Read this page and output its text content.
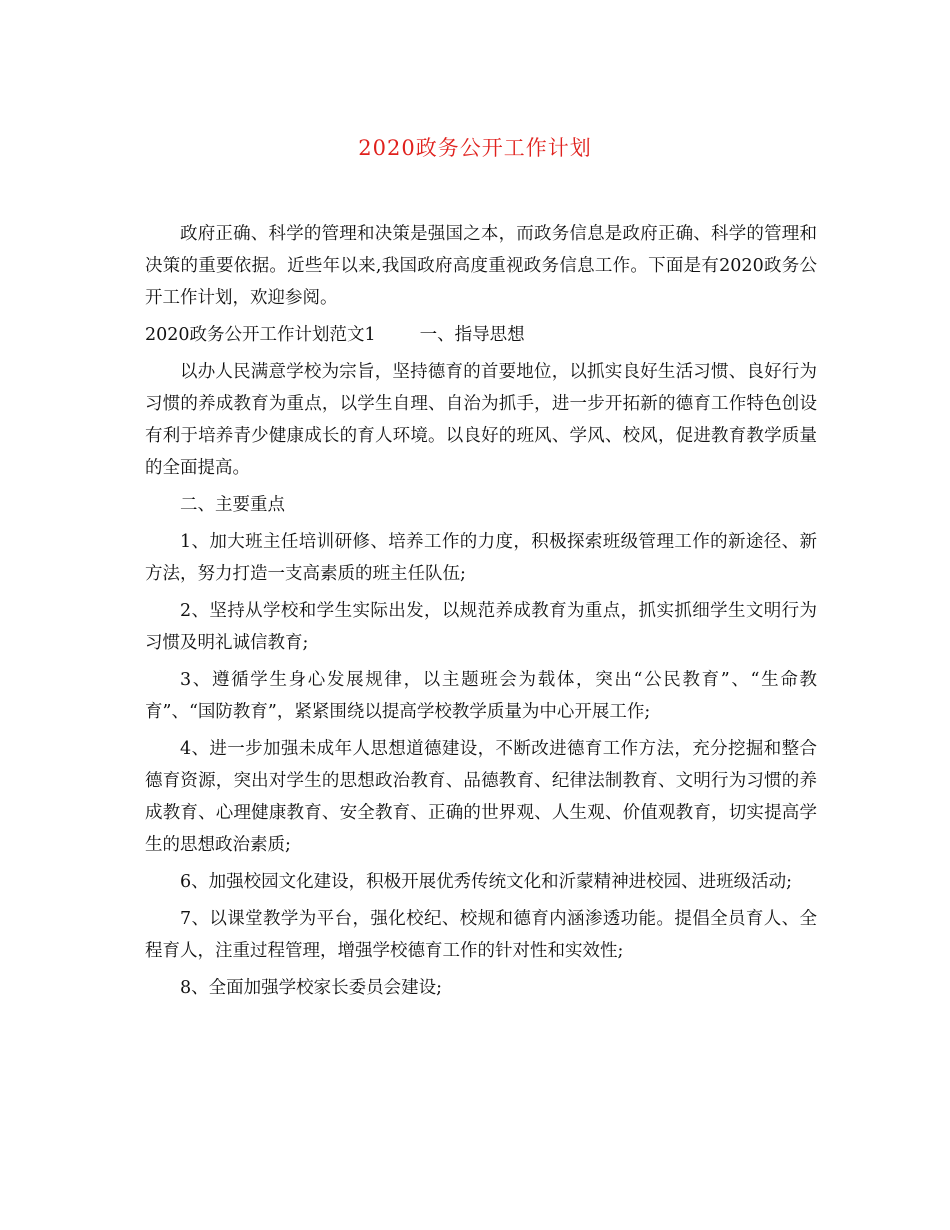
2020政务公开工作计划

政府正确、科学的管理和决策是强国之本，而政务信息是政府正确、科学的管理和决策的重要依据。近些年以来,我国政府高度重视政务信息工作。下面是有2020政务公开工作计划，欢迎参阅。

2020政务公开工作计划范文1	一、指导思想

以办人民满意学校为宗旨，坚持德育的首要地位，以抓实良好生活习惯、良好行为习惯的养成教育为重点，以学生自理、自治为抓手，进一步开拓新的德育工作特色创设有利于培养青少健康成长的育人环境。以良好的班风、学风、校风，促进教育教学质量的全面提高。

二、主要重点

1、加大班主任培训研修、培养工作的力度，积极探索班级管理工作的新途径、新方法，努力打造一支高素质的班主任队伍;

2、坚持从学校和学生实际出发，以规范养成教育为重点，抓实抓细学生文明行为习惯及明礼诚信教育;

3、遵循学生身心发展规律，以主题班会为载体，突出“公民教育”、“生命教育”、“国防教育”，紧紧围绕以提高学校教学质量为中心开展工作;

4、进一步加强未成年人思想道德建设，不断改进德育工作方法，充分挖掘和整合德育资源，突出对学生的思想政治教育、品德教育、纪律法制教育、文明行为习惯的养成教育、心理健康教育、安全教育、正确的世界观、人生观、价值观教育，切实提高学生的思想政治素质;

6、加强校园文化建设，积极开展优秀传统文化和沂蒙精神进校园、进班级活动;

7、以课堂教学为平台，强化校纪、校规和德育内涵渗透功能。提倡全员育人、全程育人，注重过程管理，增强学校德育工作的针对性和实效性;

8、全面加强学校家长委员会建设;
